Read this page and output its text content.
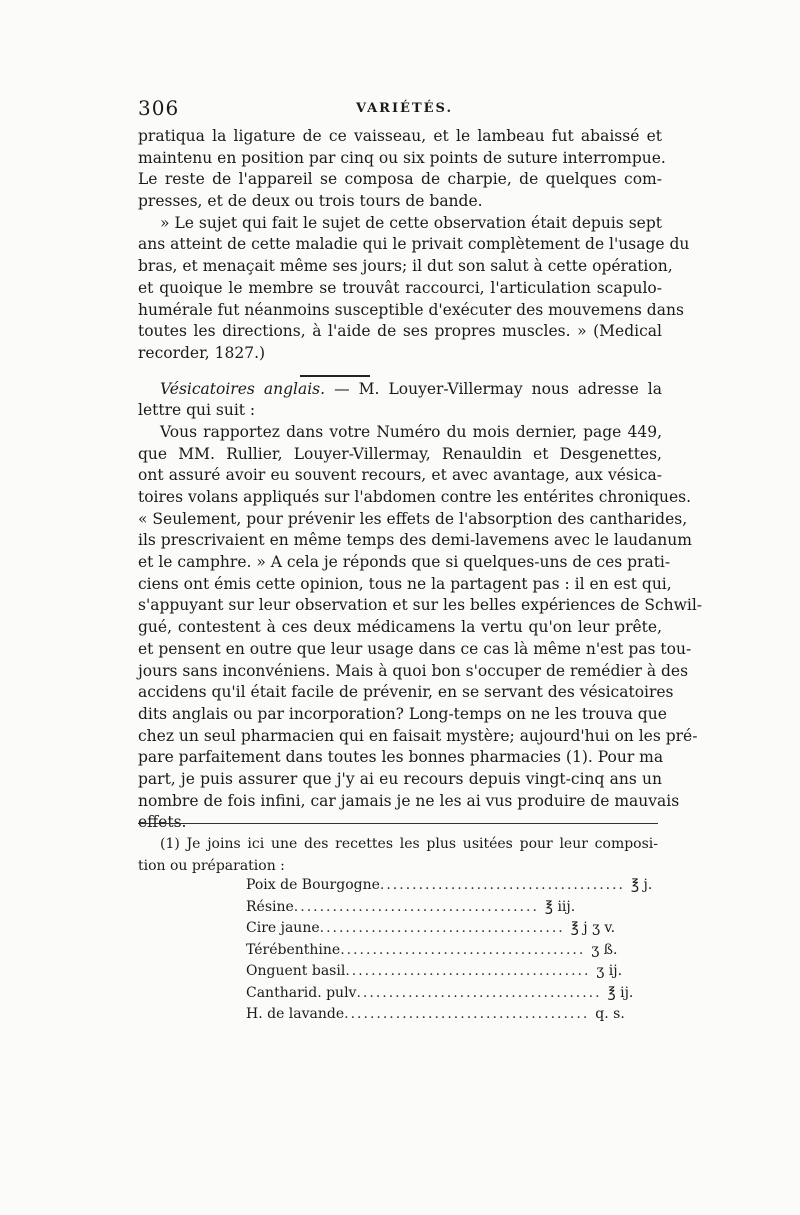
306	VARIÉTÉS.
pratiqua la ligature de ce vaisseau, et le lambeau fut abaissé et
maintenu en position par cinq ou six points de suture interrompue.
Le reste de l'appareil se composa de charpie, de quelques com-
presses, et de deux ou trois tours de bande.
» Le sujet qui fait le sujet de cette observation était depuis sept
ans atteint de cette maladie qui le privait complètement de l'usage du
bras, et menaçait même ses jours; il dut son salut à cette opération,
et quoique le membre se trouvât raccourci, l'articulation scapulo-
humérale fut néanmoins susceptible d'exécuter des mouvemens dans
toutes les directions, à l'aide de ses propres muscles. » (Medical
recorder, 1827.)
Vésicatoires anglais. — M. Louyer-Villermay nous adresse la
lettre qui suit :
Vous rapportez dans votre Numéro du mois dernier, page 449,
que MM. Rullier, Louyer-Villermay, Renauldin et Desgenettes,
ont assuré avoir eu souvent recours, et avec avantage, aux vésica-
toires volans appliqués sur l'abdomen contre les entérites chroniques.
« Seulement, pour prévenir les effets de l'absorption des cantharides,
ils prescrivaient en même temps des demi-lavemens avec le laudanum
et le camphre. » A cela je réponds que si quelques-uns de ces prati-
ciens ont émis cette opinion, tous ne la partagent pas : il en est qui,
s'appuyant sur leur observation et sur les belles expériences de Schwil-
gué, contestent à ces deux médicamens la vertu qu'on leur prête,
et pensent en outre que leur usage dans ce cas là même n'est pas tou-
jours sans inconvéniens. Mais à quoi bon s'occuper de remédier à des
accidens qu'il était facile de prévenir, en se servant des vésicatoires
dits anglais ou par incorporation? Long-temps on ne les trouva que
chez un seul pharmacien qui en faisait mystère; aujourd'hui on les pré-
pare parfaitement dans toutes les bonnes pharmacies (1). Pour ma
part, je puis assurer que j'y ai eu recours depuis vingt-cinq ans un
nombre de fois infini, car jamais je ne les ai vus produire de mauvais
effets.
(1) Je joins ici une des recettes les plus usitées pour leur composi-
tion ou préparation :
Poix de Bourgogne ...................................... ℥ j.
Résine ...................................... ℥ iij.
Cire jaune ...................................... ℥ j ʒ v.
Térébenthine ...................................... ʒ ß.
Onguent basil ...................................... ʒ ij.
Cantharid. pulv ...................................... ℥ ij.
H. de lavande ...................................... q. s.
